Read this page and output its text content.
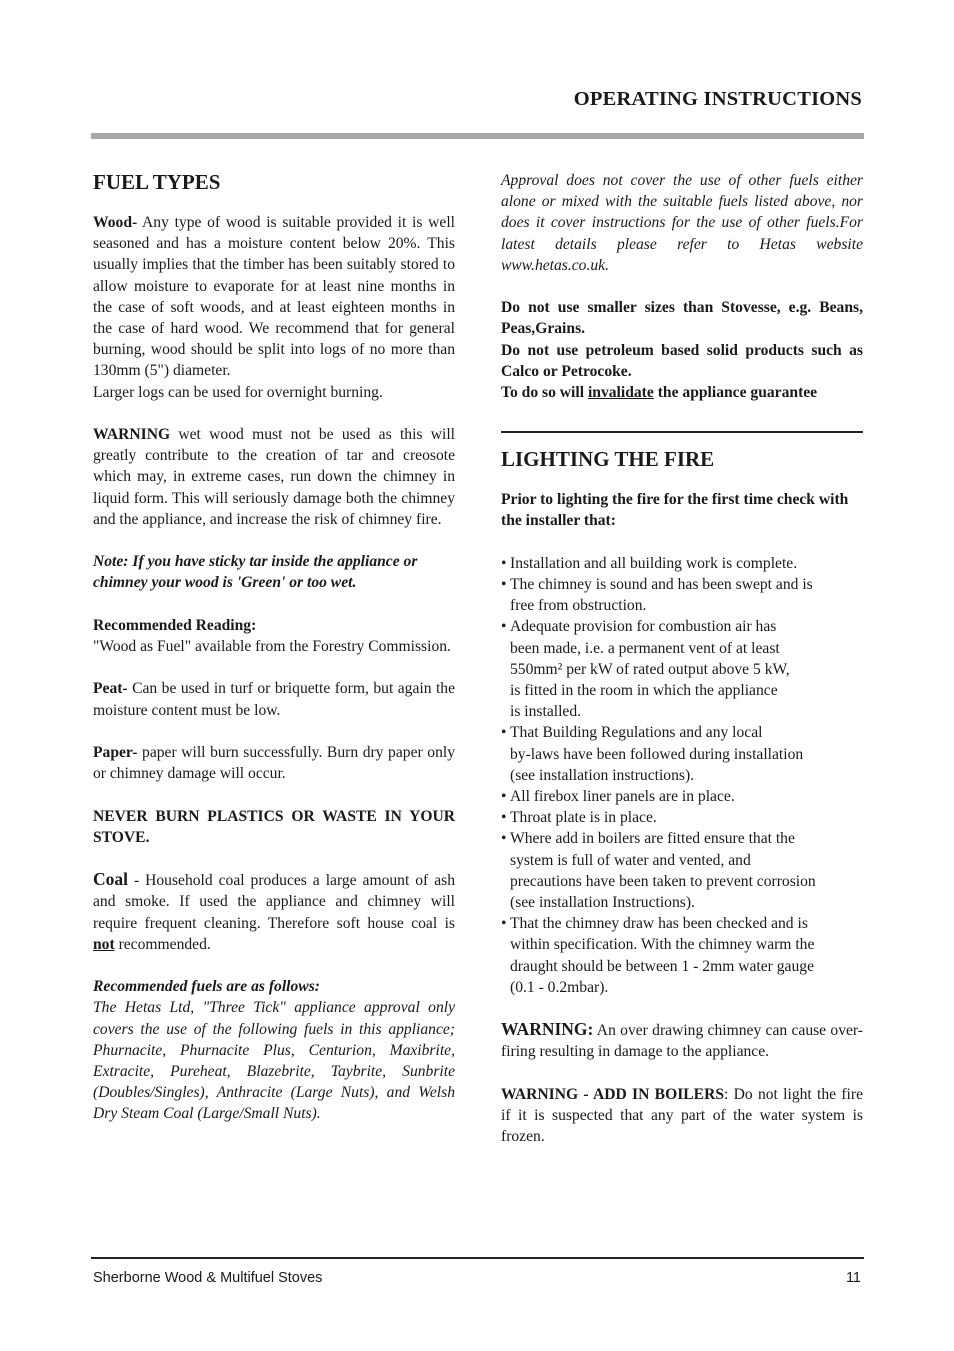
OPERATING INSTRUCTIONS
FUEL TYPES

Wood- Any type of wood is suitable provided it is well seasoned and has a moisture content below 20%. This usually implies that the timber has been suitably stored to allow moisture to evaporate for at least nine months in the case of soft woods, and at least eighteen months in the case of hard wood. We recommend that for general burning, wood should be split into logs of no more than 130mm (5") diameter.

Larger logs can be used for overnight burning.

WARNING wet wood must not be used as this will greatly contribute to the creation of tar and creosote which may, in extreme cases, run down the chimney in liquid form. This will seriously damage both the chimney and the appliance, and increase the risk of chimney fire.

Note: If you have sticky tar inside the appliance or chimney your wood is 'Green' or too wet.

Recommended Reading:

"Wood as Fuel" available from the Forestry Commission.

Peat- Can be used in turf or briquette form, but again the moisture content must be low.

Paper- paper will burn successfully. Burn dry paper only or chimney damage will occur.

NEVER BURN PLASTICS OR WASTE IN YOUR STOVE.

Coal - Household coal produces a large amount of ash and smoke. If used the appliance and chimney will require frequent cleaning. Therefore soft house coal is not recommended.

Recommended fuels are as follows:

The Hetas Ltd, "Three Tick" appliance approval only covers the use of the following fuels in this appliance; Phurnacite, Phurnacite Plus, Centurion, Maxibrite, Extracite, Pureheat, Blazebrite, Taybrite, Sunbrite (Doubles/Singles), Anthracite (Large Nuts), and Welsh Dry Steam Coal (Large/Small Nuts).

Approval does not cover the use of other fuels either alone or mixed with the suitable fuels listed above, nor does it cover instructions for the use of other fuels.For latest details please refer to Hetas website www.hetas.co.uk.

Do not use smaller sizes than Stovesse, e.g. Beans, Peas,Grains.

Do not use petroleum based solid products such as Calco or Petrocoke.

To do so will invalidate the appliance guarantee

LIGHTING THE FIRE

Prior to lighting the fire for the first time check with the installer that:

• Installation and all building work is complete.
• The chimney is sound and has been swept and is
free from obstruction.
• Adequate provision for combustion air has
been made, i.e. a permanent vent of at least
550mm² per kW of rated output above 5 kW,
is fitted in the room in which the appliance
is installed.
• That Building Regulations and any local
by-laws have been followed during installation
(see installation instructions).
• All firebox liner panels are in place.
• Throat plate is in place.
• Where add in boilers are fitted ensure that the
system is full of water and vented, and
precautions have been taken to prevent corrosion
(see installation Instructions).
• That the chimney draw has been checked and is
within specification. With the chimney warm the
draught should be between 1 - 2mm water gauge
(0.1 - 0.2mbar).

WARNING: An over drawing chimney can cause over-firing resulting in damage to the appliance.

WARNING - ADD IN BOILERS: Do not light the fire if it is suspected that any part of the water system is frozen.

Sherborne Wood & Multifuel Stoves	11
